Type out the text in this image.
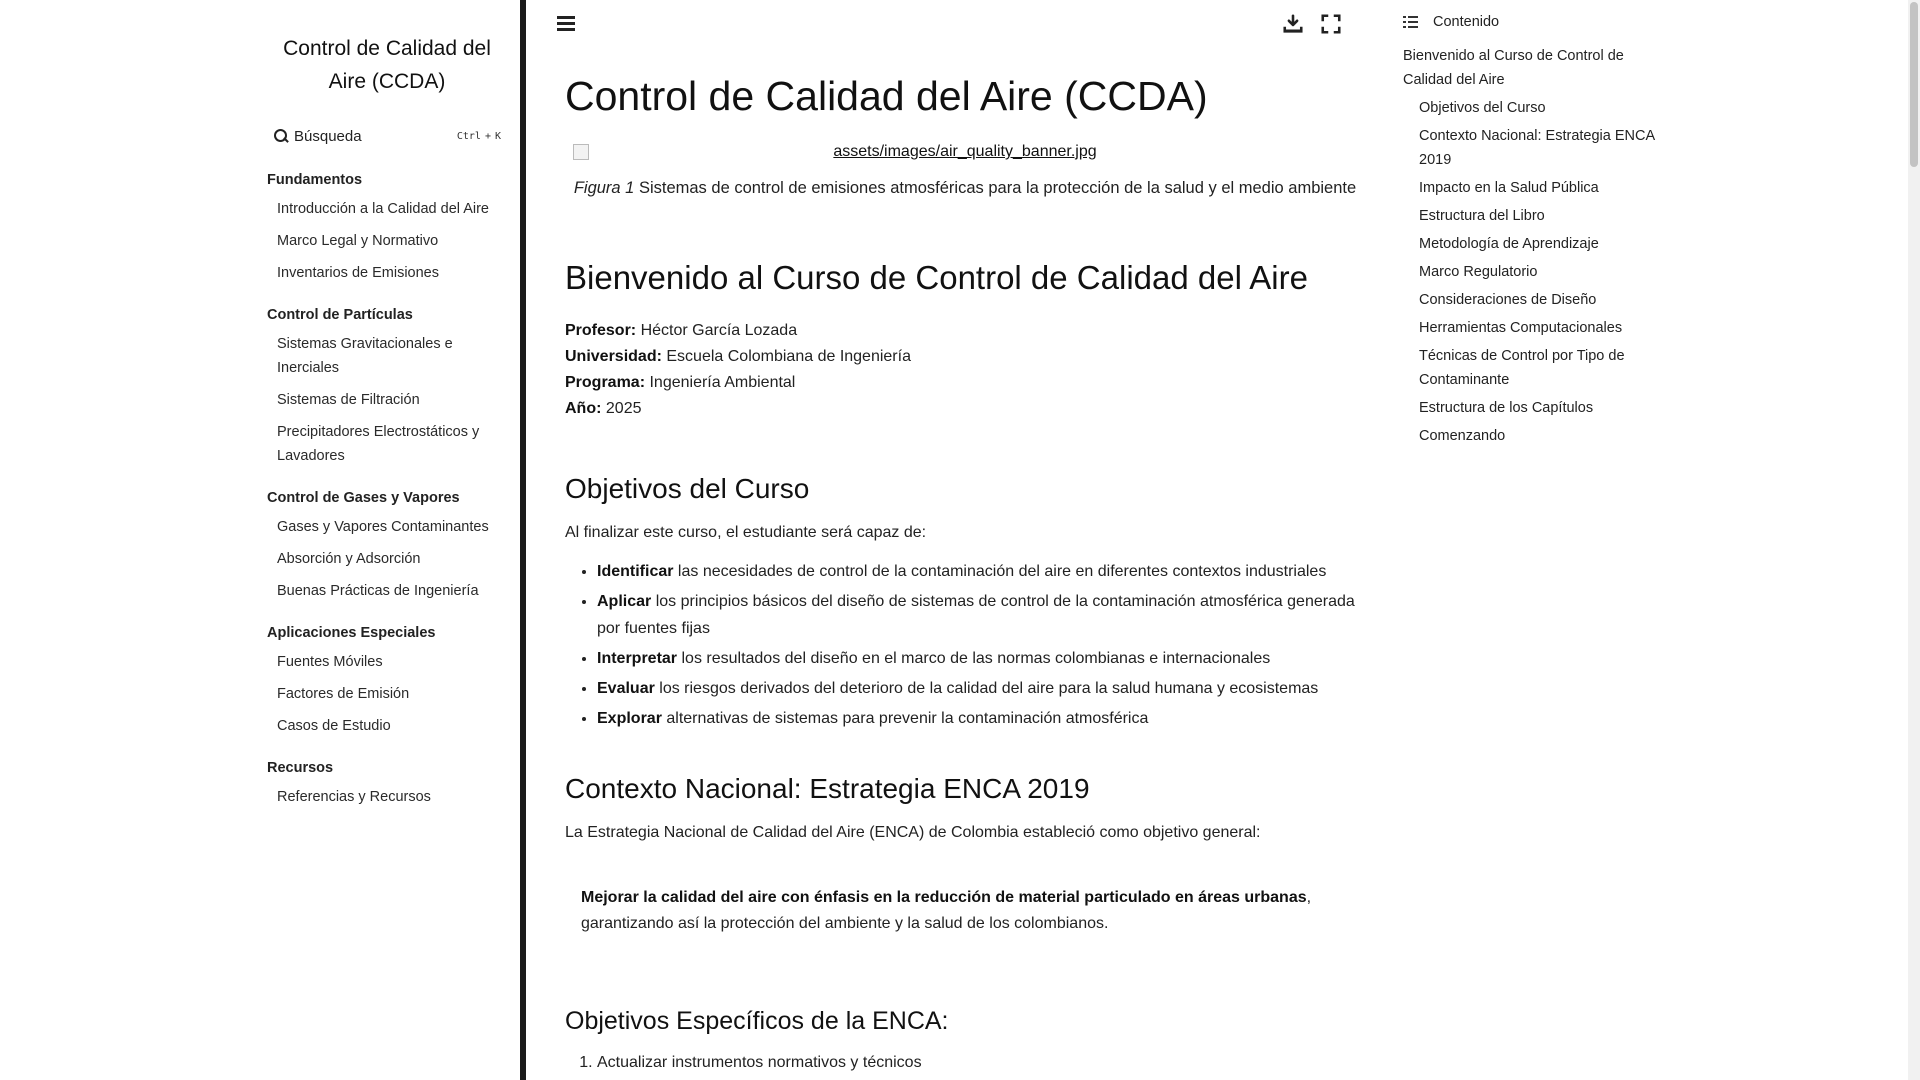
Control de Calidad del Aire (CCDA)
Búsqueda	Ctrl + K
Fundamentos
Introducción a la Calidad del Aire
Marco Legal y Normativo
Inventarios de Emisiones
Control de Partículas
Sistemas Gravitacionales e Inerciales
Sistemas de Filtración
Precipitadores Electrostáticos y Lavadores
Control de Gases y Vapores
Gases y Vapores Contaminantes
Absorción y Adsorción
Buenas Prácticas de Ingeniería
Aplicaciones Especiales
Fuentes Móviles
Factores de Emisión
Casos de Estudio
Recursos
Referencias y Recursos
Control de Calidad del Aire (CCDA)
assets/images/air_quality_banner.jpg
Figura 1 Sistemas de control de emisiones atmosféricas para la protección de la salud y el medio ambiente
Bienvenido al Curso de Control de Calidad del Aire
Profesor: Héctor García Lozada
Universidad: Escuela Colombiana de Ingeniería
Programa: Ingeniería Ambiental
Año: 2025
Objetivos del Curso

Al finalizar este curso, el estudiante será capaz de:

• Identificar las necesidades de control de la contaminación del aire en diferentes contextos industriales
• Aplicar los principios básicos del diseño de sistemas de control de la contaminación atmosférica generada por fuentes fijas
• Interpretar los resultados del diseño en el marco de las normas colombianas e internacionales
• Evaluar los riesgos derivados del deterioro de la calidad del aire para la salud humana y ecosistemas
• Explorar alternativas de sistemas para prevenir la contaminación atmosférica
Contexto Nacional: Estrategia ENCA 2019

La Estrategia Nacional de Calidad del Aire (ENCA) de Colombia estableció como objetivo general:

Mejorar la calidad del aire con énfasis en la reducción de material particulado en áreas urbanas, garantizando así la protección del ambiente y la salud de los colombianos.
Objetivos Específicos de la ENCA:
1. Actualizar instrumentos normativos y técnicos
Contenido
Bienvenido al Curso de Control de Calidad del Aire
Objetivos del Curso
Contexto Nacional: Estrategia ENCA 2019
Impacto en la Salud Pública
Estructura del Libro
Metodología de Aprendizaje
Marco Regulatorio
Consideraciones de Diseño
Herramientas Computacionales
Técnicas de Control por Tipo de Contaminante
Estructura de los Capítulos
Comenzando
